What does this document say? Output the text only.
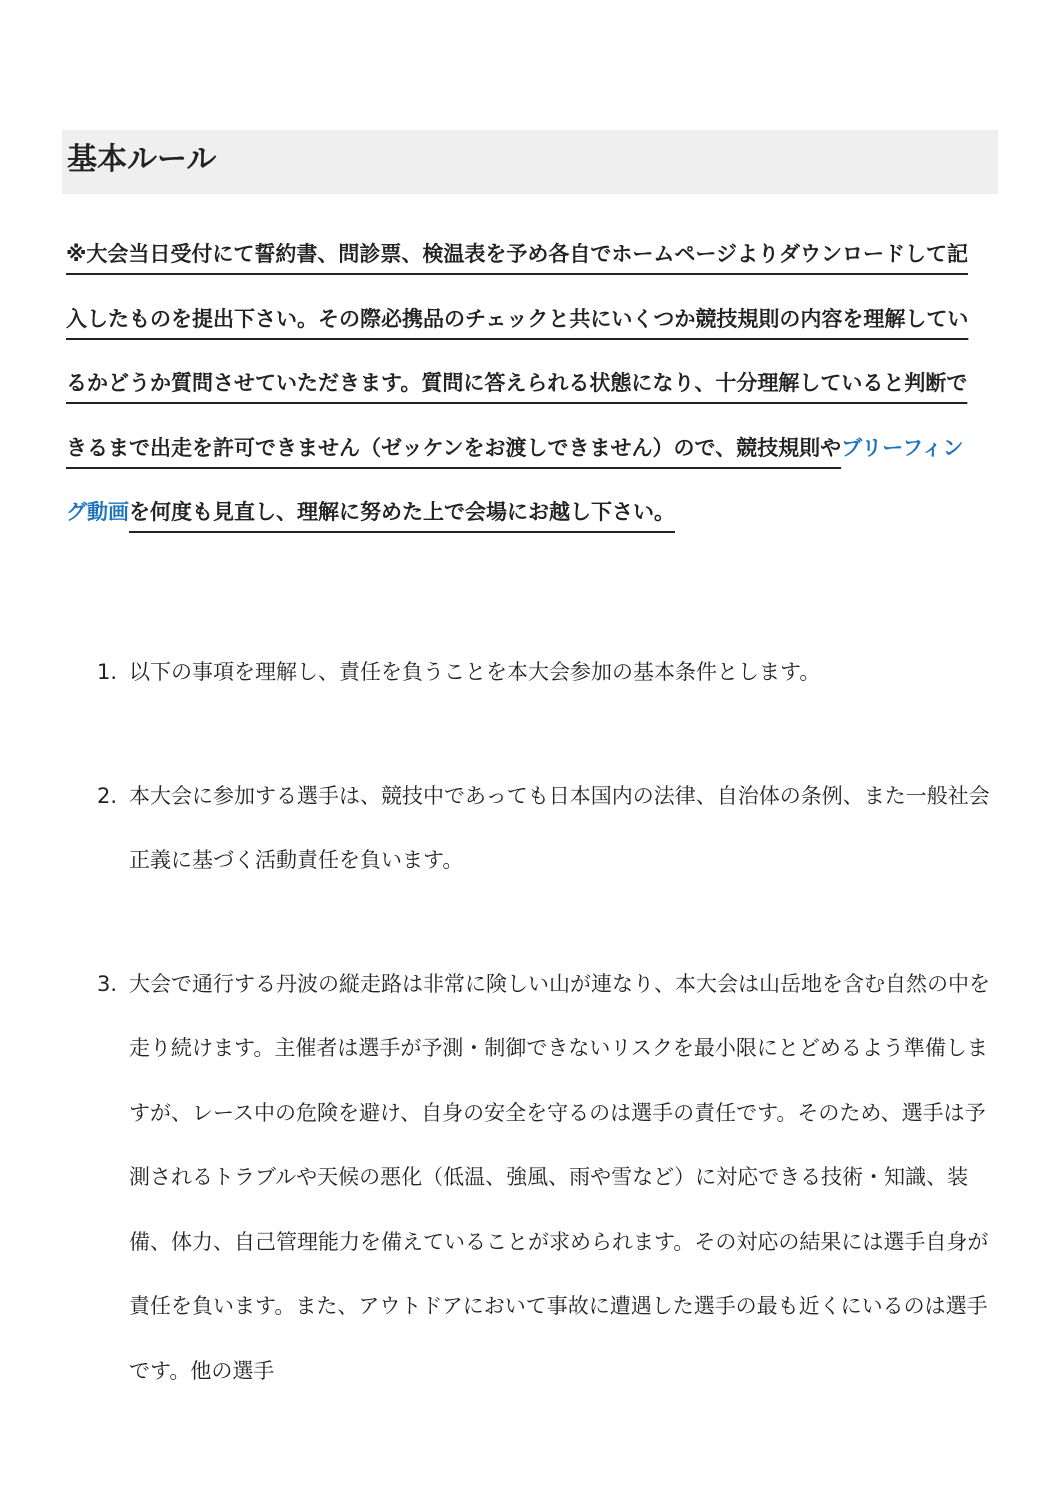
基本ルール

※大会当日受付にて誓約書、問診票、検温表を予め各自でホームページよりダウンロードして記入したものを提出下さい。その際必携品のチェックと共にいくつか競技規則の内容を理解しているかどうか質問させていただきます。質問に答えられる状態になり、十分理解していると判断できるまで出走を許可できません（ゼッケンをお渡しできません）ので、競技規則やブリーフィング動画を何度も見直し、理解に努めた上で会場にお越し下さい。

1. 以下の事項を理解し、責任を負うことを本大会参加の基本条件とします。
2. 本大会に参加する選手は、競技中であっても日本国内の法律、自治体の条例、また一般社会正義に基づく活動責任を負います。
3. 大会で通行する丹波の縦走路は非常に険しい山が連なり、本大会は山岳地を含む自然の中を走り続けます。主催者は選手が予測・制御できないリスクを最小限にとどめるよう準備しますが、レース中の危険を避け、自身の安全を守るのは選手の責任です。そのため、選手は予測されるトラブルや天候の悪化（低温、強風、雨や雪など）に対応できる技術・知識、装備、体力、自己管理能力を備えていることが求められます。その対応の結果には選手自身が責任を負います。また、アウトドアにおいて事故に遭遇した選手の最も近くにいるのは選手です。他の選手
